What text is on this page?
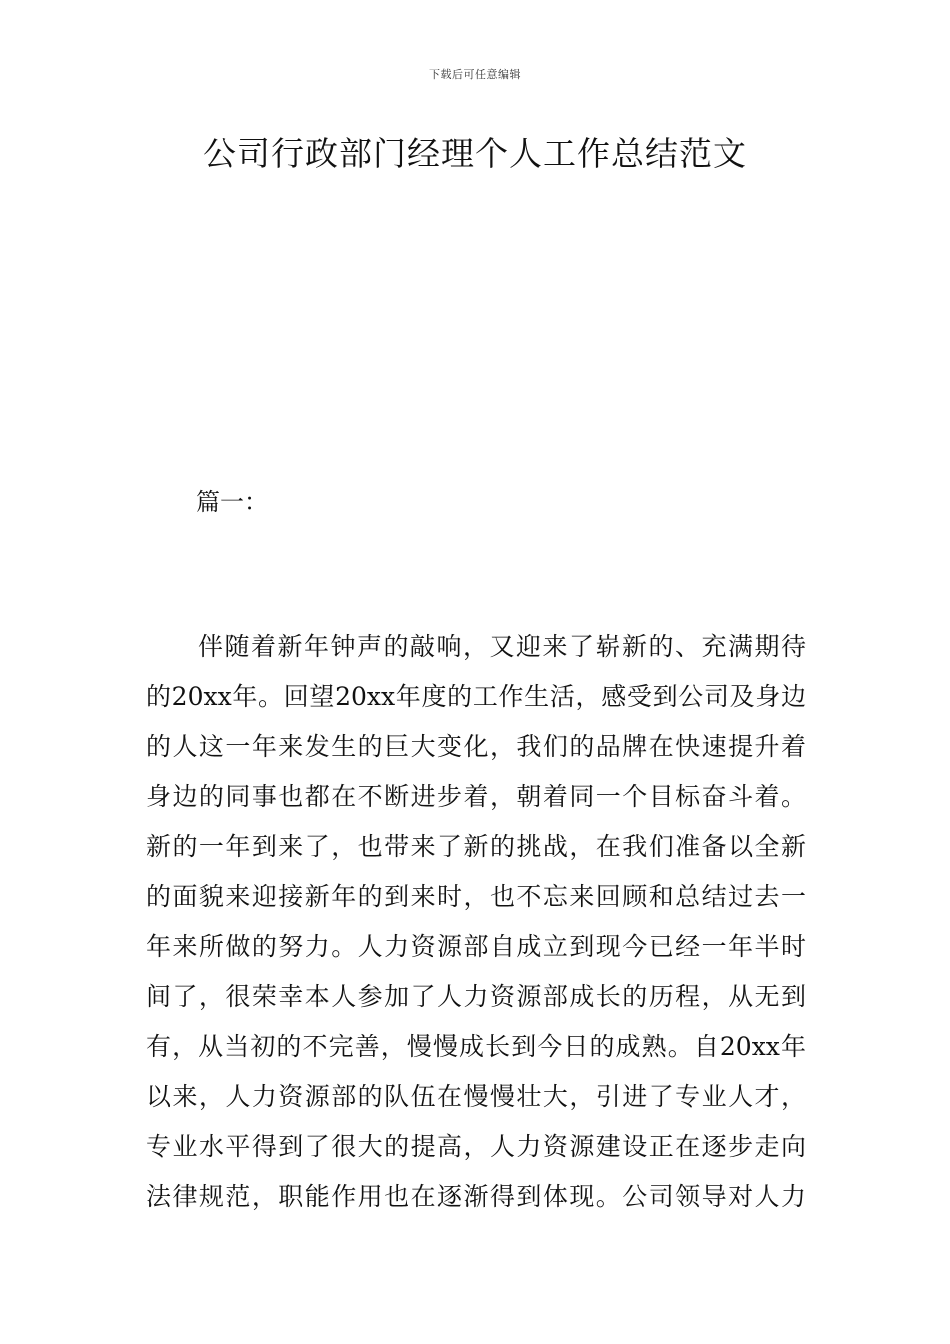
下载后可任意编辑
公司行政部门经理个人工作总结范文
篇一：
伴随着新年钟声的敲响，又迎来了崭新的、充满期待
的20xx年。回望20xx年度的工作生活，感受到公司及身边
的人这一年来发生的巨大变化，我们的品牌在快速提升着
身边的同事也都在不断进步着，朝着同一个目标奋斗着。
新的一年到来了，也带来了新的挑战，在我们准备以全新
的面貌来迎接新年的到来时，也不忘来回顾和总结过去一
年来所做的努力。人力资源部自成立到现今已经一年半时
间了，很荣幸本人参加了人力资源部成长的历程，从无到
有，从当初的不完善，慢慢成长到今日的成熟。自20xx年
以来，人力资源部的队伍在慢慢壮大，引进了专业人才，
专业水平得到了很大的提高，人力资源建设正在逐步走向
法律规范，职能作用也在逐渐得到体现。公司领导对人力
